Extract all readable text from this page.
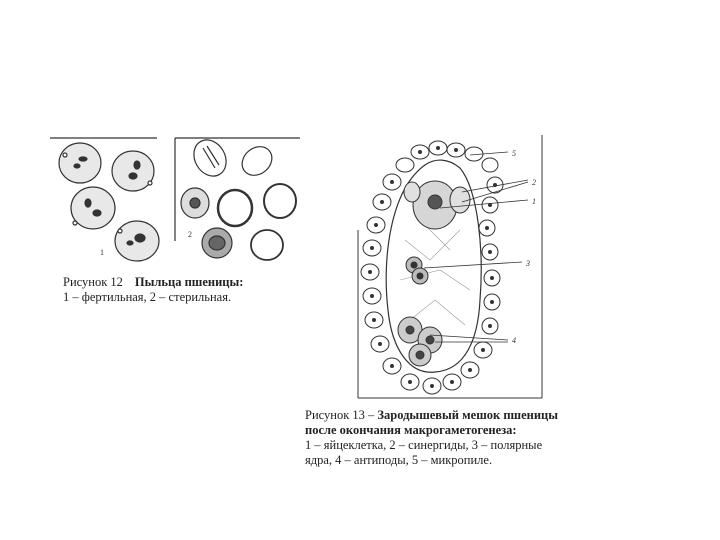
1
2
Рисунок 12 Пыльца пшеницы:
1 – фертильная, 2 – стерильная.
5
2
1
3
4
Рисунок 13 – Зародышевый мешок пшеницы
после окончания макрогаметогенеза:
1 – яйцеклетка, 2 – синергиды, 3 – полярные
ядра, 4 – антиподы, 5 – микропиле.
